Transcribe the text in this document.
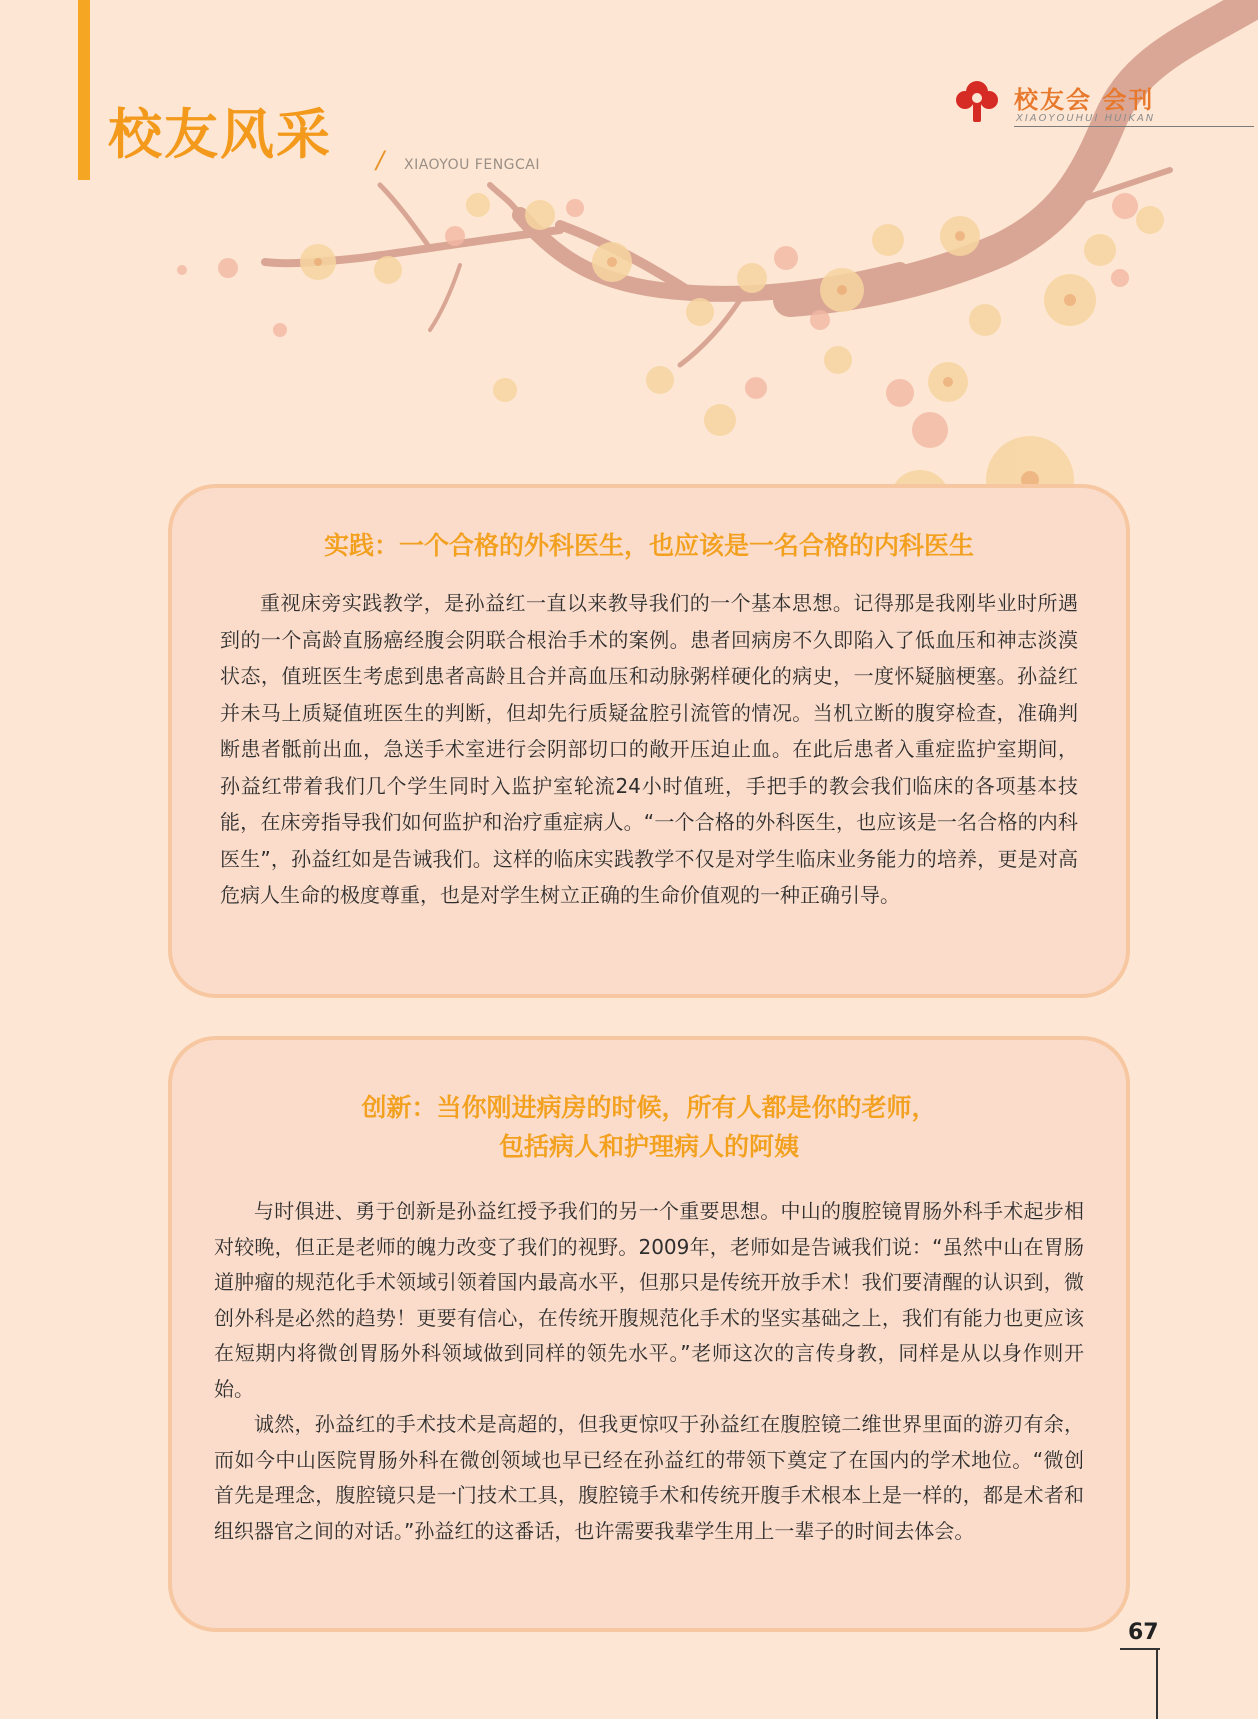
校友风采 / XIAOYOU FENGCAI
校友会 会刊
XIAOYOUHUI HUIKAN
实践：一个合格的外科医生，也应该是一名合格的内科医生

重视床旁实践教学，是孙益红一直以来教导我们的一个基本思想。记得那是我刚毕业时所遇到的一个高龄直肠癌经腹会阴联合根治手术的案例。患者回病房不久即陷入了低血压和神志淡漠状态，值班医生考虑到患者高龄且合并高血压和动脉粥样硬化的病史，一度怀疑脑梗塞。孙益红并未马上质疑值班医生的判断，但却先行质疑盆腔引流管的情况。当机立断的腹穿检查，准确判断患者骶前出血，急送手术室进行会阴部切口的敞开压迫止血。在此后患者入重症监护室期间，孙益红带着我们几个学生同时入监护室轮流24小时值班，手把手的教会我们临床的各项基本技能，在床旁指导我们如何监护和治疗重症病人。“一个合格的外科医生，也应该是一名合格的内科医生”，孙益红如是告诫我们。这样的临床实践教学不仅是对学生临床业务能力的培养，更是对高危病人生命的极度尊重，也是对学生树立正确的生命价值观的一种正确引导。

创新：当你刚进病房的时候，所有人都是你的老师，
包括病人和护理病人的阿姨

与时俱进、勇于创新是孙益红授予我们的另一个重要思想。中山的腹腔镜胃肠外科手术起步相对较晚，但正是老师的魄力改变了我们的视野。2009年，老师如是告诫我们说：“虽然中山在胃肠道肿瘤的规范化手术领域引领着国内最高水平，但那只是传统开放手术！我们要清醒的认识到，微创外科是必然的趋势！更要有信心，在传统开腹规范化手术的坚实基础之上，我们有能力也更应该在短期内将微创胃肠外科领域做到同样的领先水平。”老师这次的言传身教，同样是从以身作则开始。

诚然，孙益红的手术技术是高超的，但我更惊叹于孙益红在腹腔镜二维世界里面的游刃有余，而如今中山医院胃肠外科在微创领域也早已经在孙益红的带领下奠定了在国内的学术地位。“微创首先是理念，腹腔镜只是一门技术工具，腹腔镜手术和传统开腹手术根本上是一样的，都是术者和组织器官之间的对话。”孙益红的这番话，也许需要我辈学生用上一辈子的时间去体会。

67
